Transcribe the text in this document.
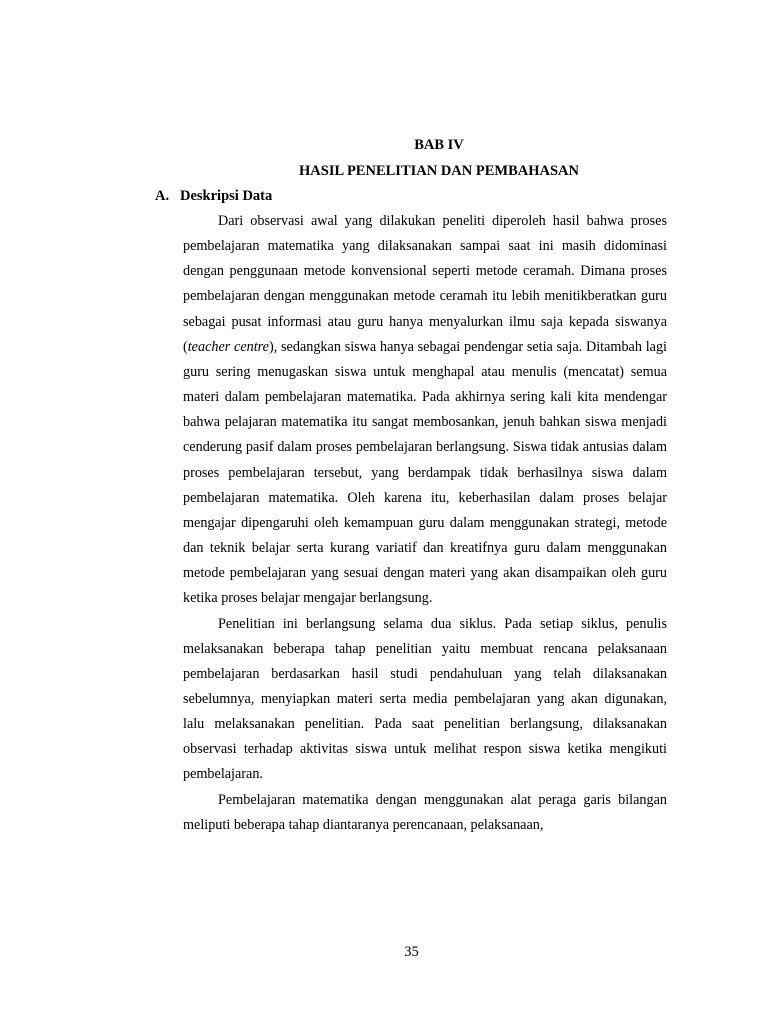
BAB IV
HASIL PENELITIAN DAN PEMBAHASAN
A. Deskripsi Data

Dari observasi awal yang dilakukan peneliti diperoleh hasil bahwa proses pembelajaran matematika yang dilaksanakan sampai saat ini masih didominasi dengan penggunaan metode konvensional seperti metode ceramah. Dimana proses pembelajaran dengan menggunakan metode ceramah itu lebih menitikberatkan guru sebagai pusat informasi atau guru hanya menyalurkan ilmu saja kepada siswanya (teacher centre), sedangkan siswa hanya sebagai pendengar setia saja. Ditambah lagi guru sering menugaskan siswa untuk menghapal atau menulis (mencatat) semua materi dalam pembelajaran matematika. Pada akhirnya sering kali kita mendengar bahwa pelajaran matematika itu sangat membosankan, jenuh bahkan siswa menjadi cenderung pasif dalam proses pembelajaran berlangsung. Siswa tidak antusias dalam proses pembelajaran tersebut, yang berdampak tidak berhasilnya siswa dalam pembelajaran matematika. Oleh karena itu, keberhasilan dalam proses belajar mengajar dipengaruhi oleh kemampuan guru dalam menggunakan strategi, metode dan teknik belajar serta kurang variatif dan kreatifnya guru dalam menggunakan metode pembelajaran yang sesuai dengan materi yang akan disampaikan oleh guru ketika proses belajar mengajar berlangsung.

Penelitian ini berlangsung selama dua siklus. Pada setiap siklus, penulis melaksanakan beberapa tahap penelitian yaitu membuat rencana pelaksanaan pembelajaran berdasarkan hasil studi pendahuluan yang telah dilaksanakan sebelumnya, menyiapkan materi serta media pembelajaran yang akan digunakan, lalu melaksanakan penelitian. Pada saat penelitian berlangsung, dilaksanakan observasi terhadap aktivitas siswa untuk melihat respon siswa ketika mengikuti pembelajaran.

Pembelajaran matematika dengan menggunakan alat peraga garis bilangan meliputi beberapa tahap diantaranya perencanaan, pelaksanaan,

35
